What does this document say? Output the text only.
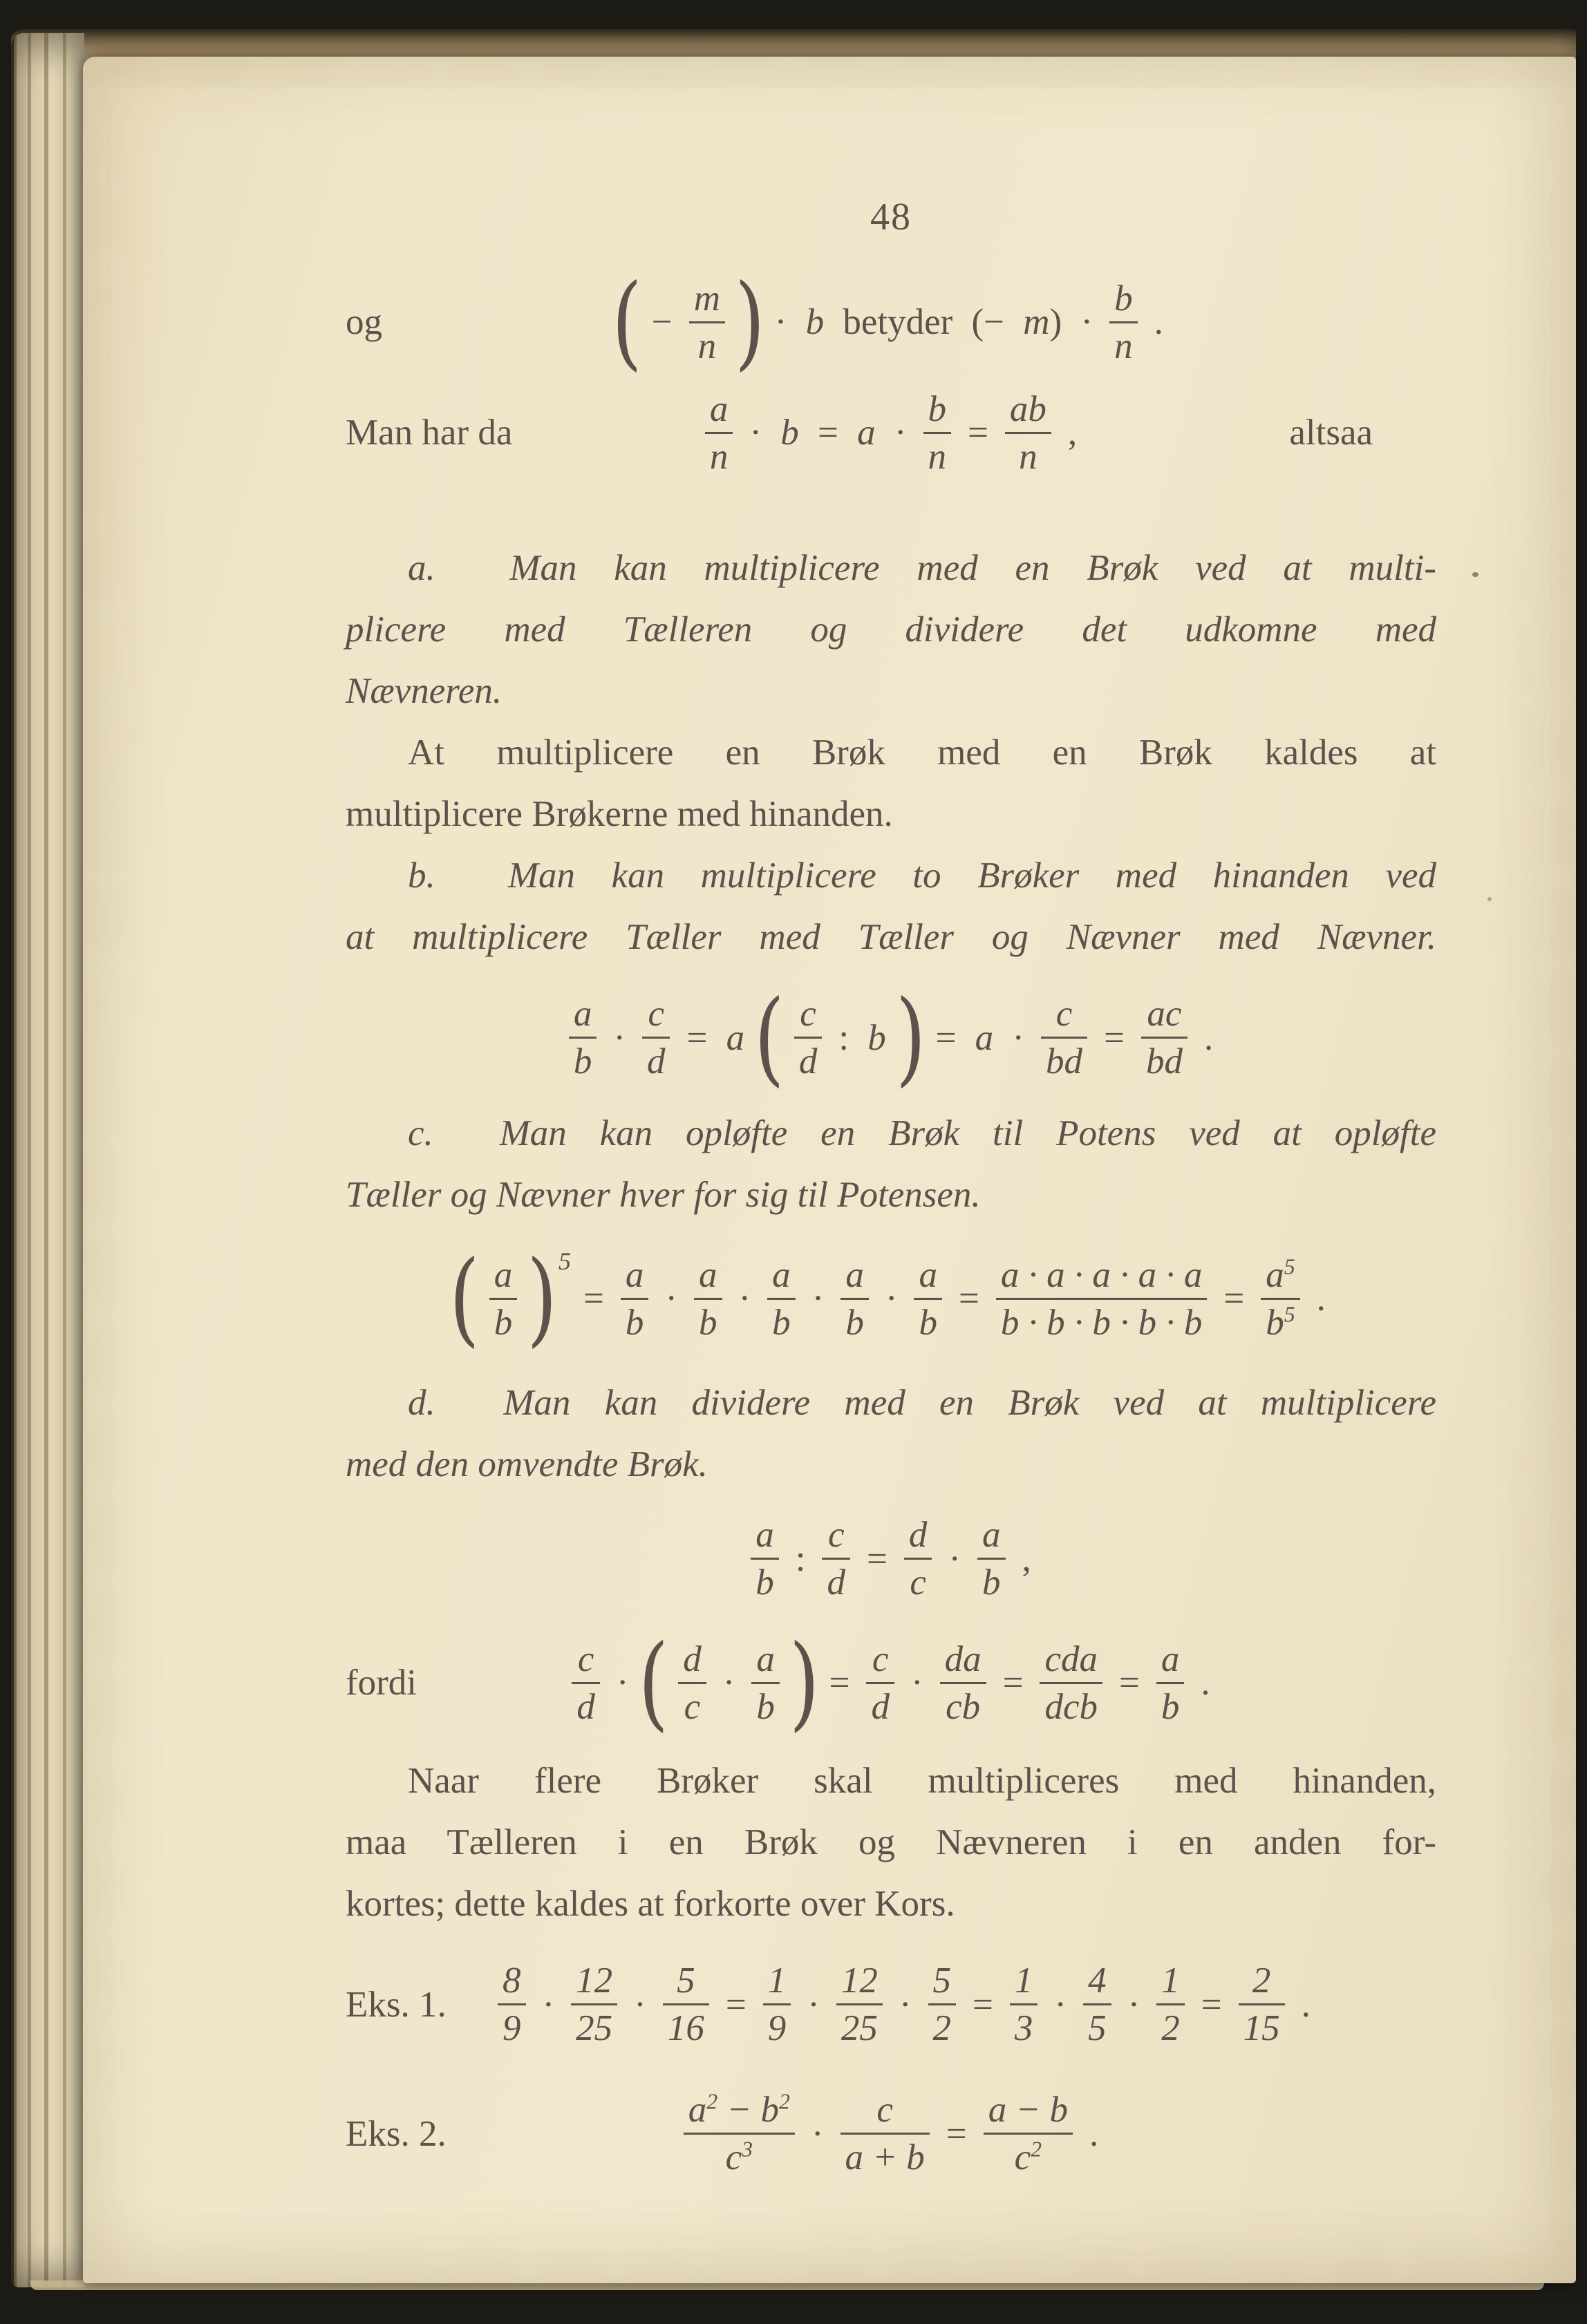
48
og	( − $\frac{m}{n}$ ) · b betyder (− $m) \cdot \frac{b}{n}$ .
Man har da	$\frac{a}{n} \cdot b = a \cdot \frac{b}{n} = \frac{ab}{n}$ ,	altsaa
a.  Man kan multiplicere med en Brøk ved at multi-
plicere med Tælleren og dividere det udkomne med
Nævneren.
At multiplicere en Brøk med en Brøk kaldes at
multiplicere Brøkerne med hinanden.
b.  Man kan multiplicere to Brøker med hinanden ved
at multiplicere Tæller med Tæller og Nævner med Nævner.
$\frac{a}{b} \cdot \frac{c}{d} = a$ ( $\frac{c}{d}$ : b ) = $a \cdot \frac{c}{bd} = \frac{ac}{bd}$ .
c.  Man kan opløfte en Brøk til Potens ved at opløfte
Tæller og Nævner hver for sig til Potensen.
( $\frac{a}{b}$ ) 5
= $\frac{a}{b} \cdot \frac{a}{b} \cdot \frac{a}{b} \cdot \frac{a}{b} \cdot \frac{a}{b} = \frac{a \cdot a \cdot a \cdot a \cdot a}{b \cdot b \cdot b \cdot b \cdot b} = \frac{a^5}{b^5}$ .
d.  Man kan dividere med en Brøk ved at multiplicere
med den omvendte Brøk.
$\frac{a}{b}$ : $\frac{c}{d} = \frac{d}{c} \cdot \frac{a}{b}$ ,
fordi	$\frac{c}{d}$ · ( $\frac{d}{c} \cdot \frac{a}{b}$ ) = $\frac{c}{d} \cdot \frac{da}{cb} = \frac{\text{cda}}{\text{dcb}} = \frac{a}{b}$ .
Naar flere Brøker skal multipliceres med hinanden,
maa Tælleren i en Brøk og Nævneren i en anden for-
kortes; dette kaldes at forkorte over Kors.
Eks. 1. $\frac{8}{9} \cdot \frac{12}{25} \cdot \frac{5}{16} = \frac{1}{9} \cdot \frac{12}{25} \cdot \frac{5}{2} = \frac{1}{3} \cdot \frac{4}{5} \cdot \frac{1}{2} = \frac{2}{15}$ .
Eks. 2.	$\frac{a^2 - b^2}{c^3} \cdot \frac{c}{a + b} = \frac{a - b}{c^2}$ .
